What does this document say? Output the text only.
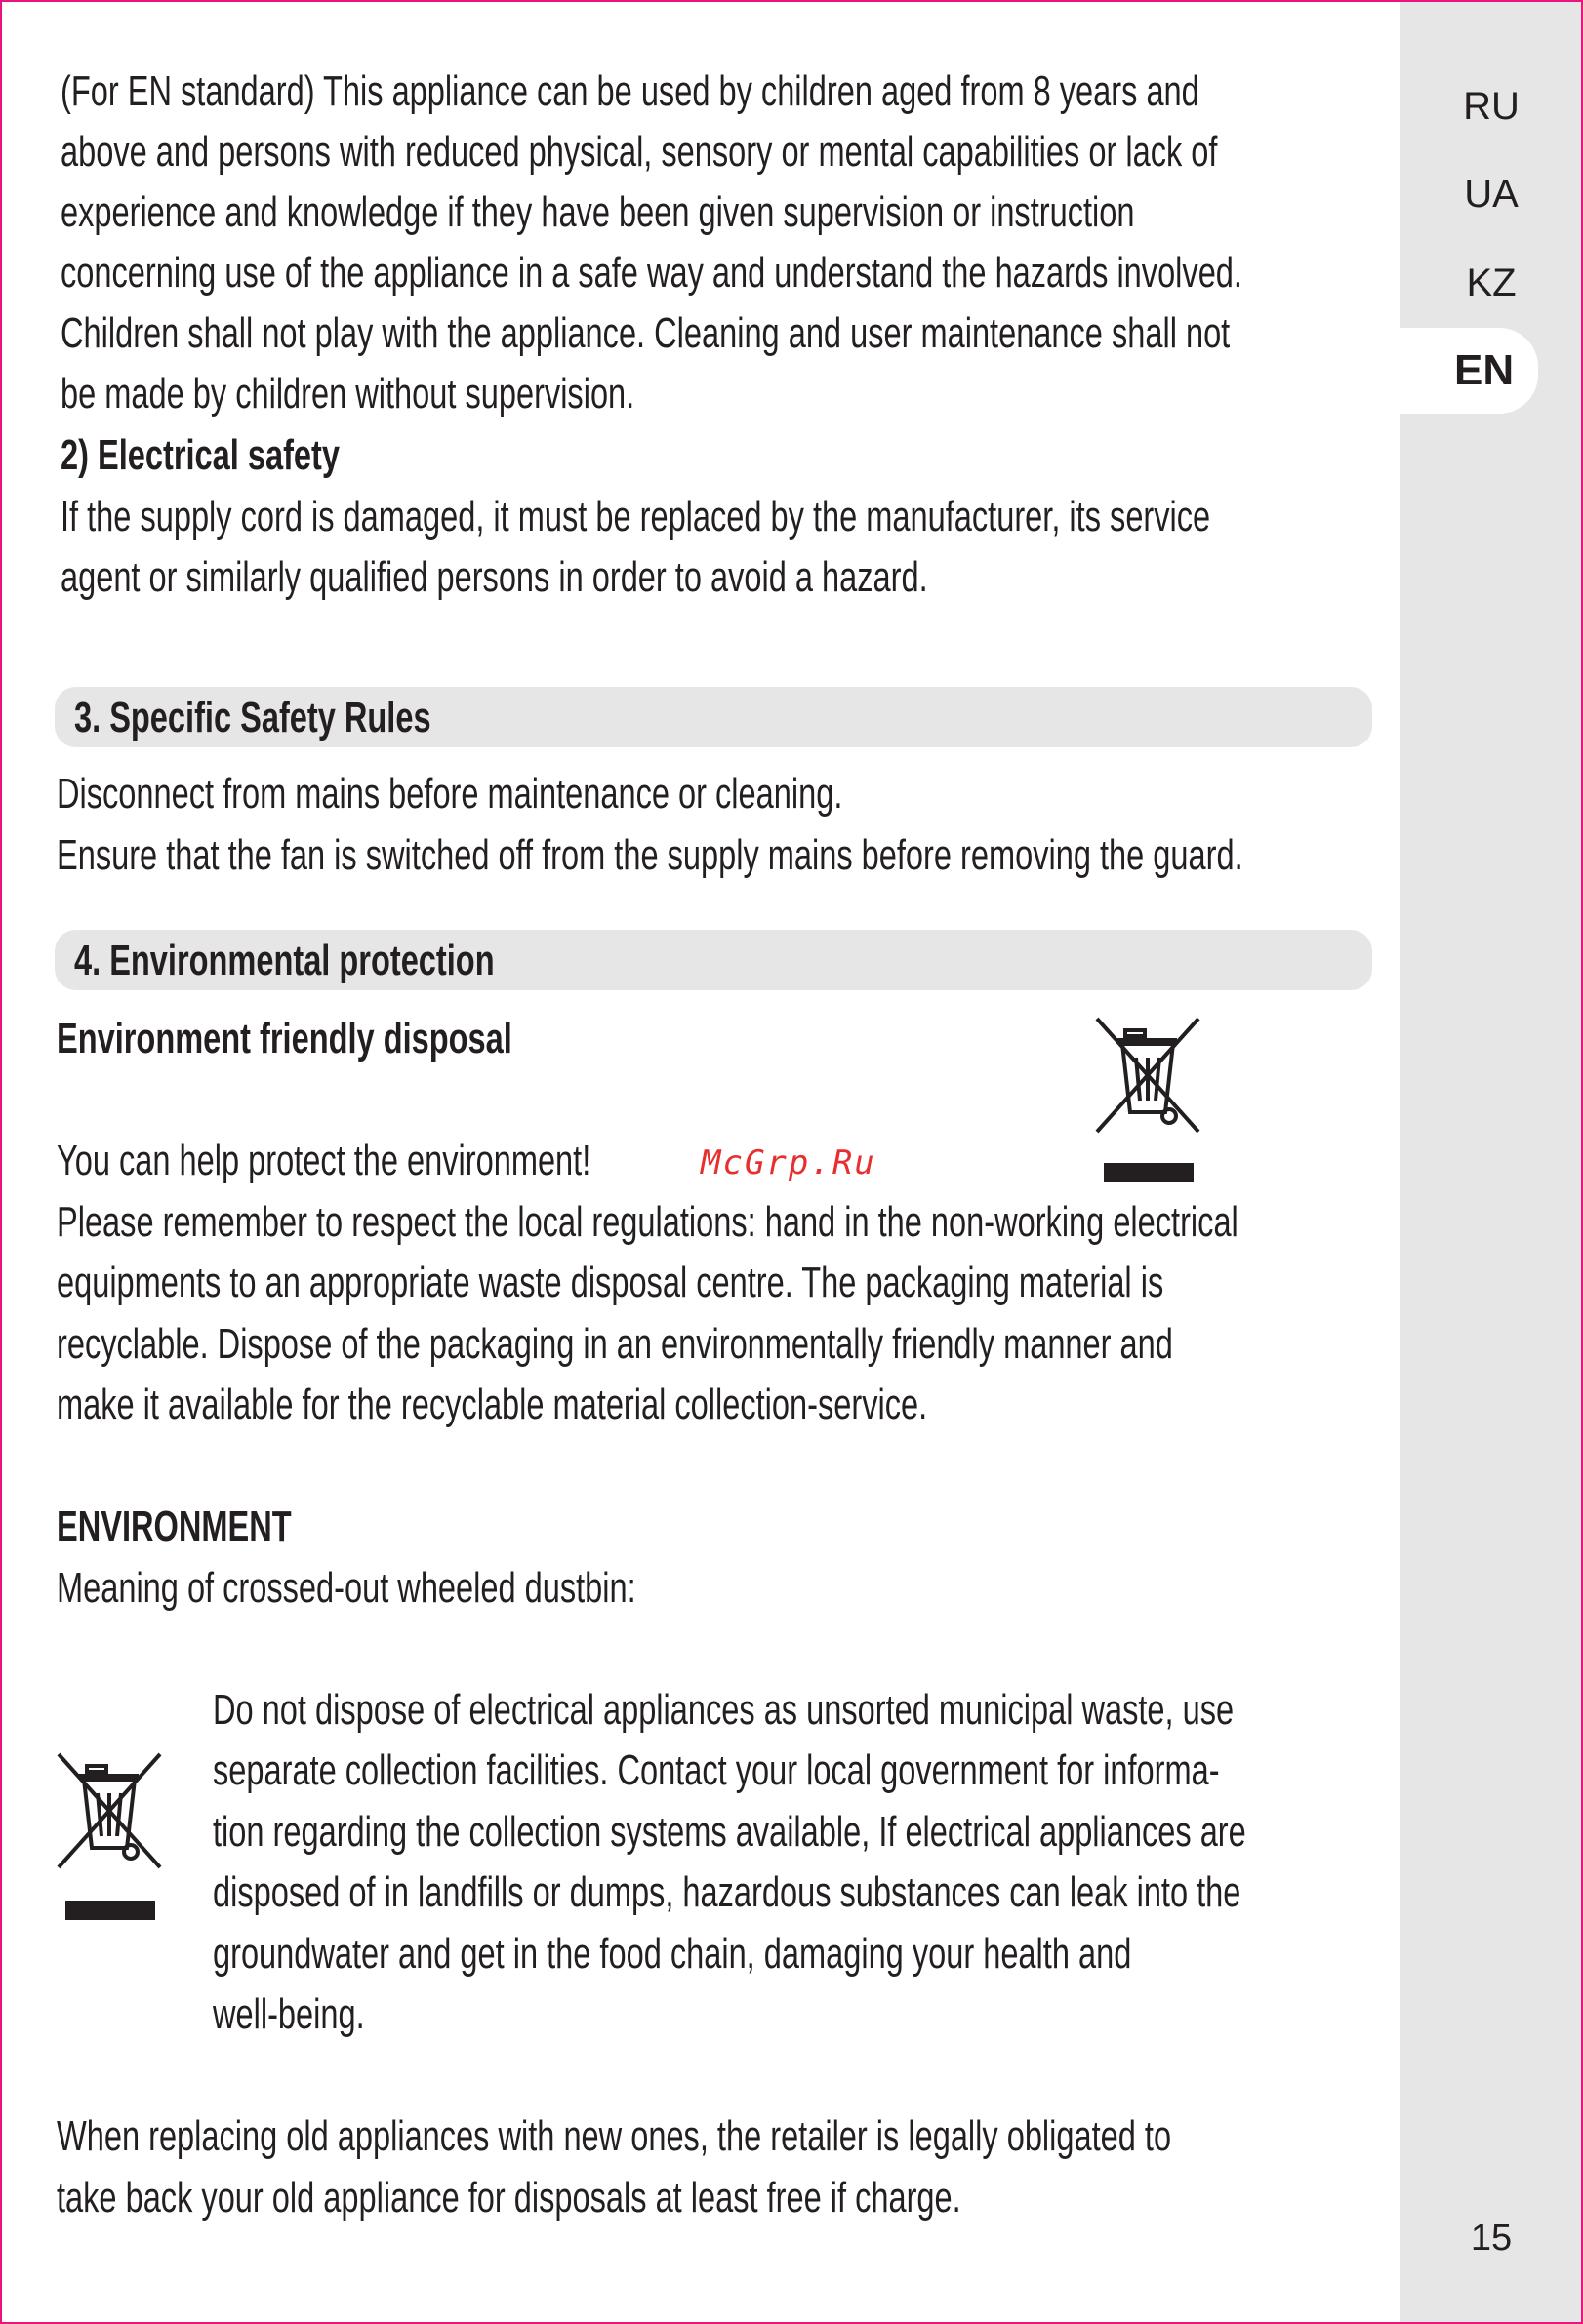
(For EN standard) This appliance can be used by children aged from 8 years and
above and persons with reduced physical, sensory or mental capabilities or lack of
experience and knowledge if they have been given supervision or instruction
concerning use of the appliance in a safe way and understand the hazards involved.
Children shall not play with the appliance. Cleaning and user maintenance shall not
be made by children without supervision.
2) Electrical safety
If the supply cord is damaged, it must be replaced by the manufacturer, its service
agent or similarly qualified persons in order to avoid a hazard.
3. Specific Safety Rules
Disconnect from mains before maintenance or cleaning.
Ensure that the fan is switched off from the supply mains before removing the guard.
4. Environmental protection
Environment friendly disposal
You can help protect the environment!	McGrp.Ru
Please remember to respect the local regulations: hand in the non-working electrical
equipments to an appropriate waste disposal centre. The packaging material is
recyclable. Dispose of the packaging in an environmentally friendly manner and
make it available for the recyclable material collection-service.
ENVIRONMENT
Meaning of crossed-out wheeled dustbin:
Do not dispose of electrical appliances as unsorted municipal waste, use
separate collection facilities. Contact your local government for informa-
tion regarding the collection systems available, If electrical appliances are
disposed of in landfills or dumps, hazardous substances can leak into the
groundwater and get in the food chain, damaging your health and
well-being.
When replacing old appliances with new ones, the retailer is legally obligated to
take back your old appliance for disposals at least free if charge.
RU
UA
KZ
EN
15
